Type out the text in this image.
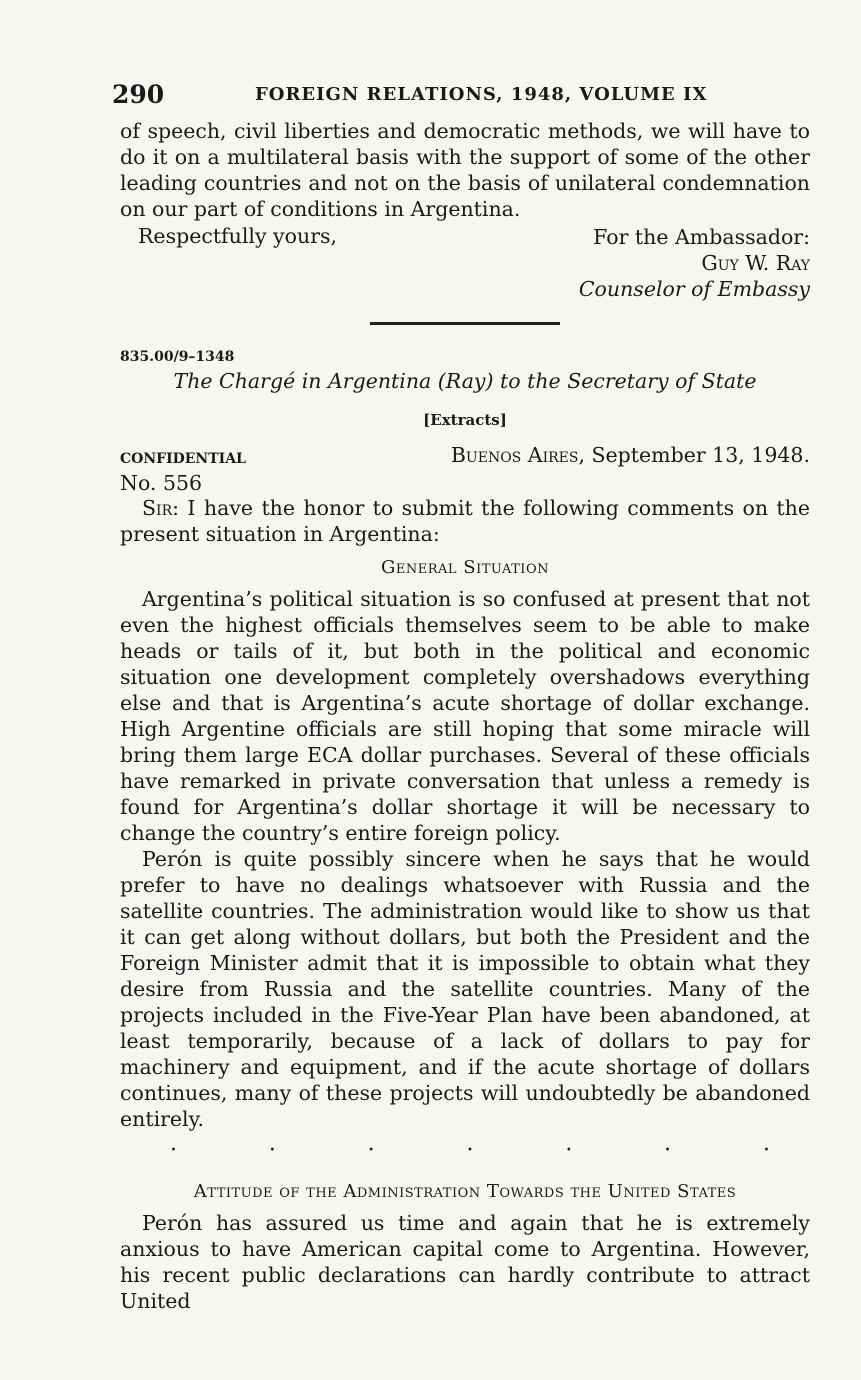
290	FOREIGN RELATIONS, 1948, VOLUME IX

of speech, civil liberties and democratic methods, we will have to do it on a multilateral basis with the support of some of the other leading countries and not on the basis of unilateral condemnation on our part of conditions in Argentina.

Respectfully yours,	For the Ambassador:
Guy W. Ray
Counselor of Embassy
835.00/9–1348
The Chargé in Argentina (Ray) to the Secretary of State
[Extracts]
CONFIDENTIAL	Buenos Aires, September 13, 1948.
No. 556

Sir: I have the honor to submit the following comments on the present situation in Argentina:

General Situation

Argentina’s political situation is so confused at present that not even the highest officials themselves seem to be able to make heads or tails of it, but both in the political and economic situation one development completely overshadows everything else and that is Argentina’s acute shortage of dollar exchange. High Argentine officials are still hoping that some miracle will bring them large ECA dollar purchases. Several of these officials have remarked in private conversation that unless a remedy is found for Argentina’s dollar shortage it will be necessary to change the country’s entire foreign policy.

Perón is quite possibly sincere when he says that he would prefer to have no dealings whatsoever with Russia and the satellite countries. The administration would like to show us that it can get along without dollars, but both the President and the Foreign Minister admit that it is impossible to obtain what they desire from Russia and the satellite countries. Many of the projects included in the Five-Year Plan have been abandoned, at least temporarily, because of a lack of dollars to pay for machinery and equipment, and if the acute shortage of dollars continues, many of these projects will undoubtedly be abandoned entirely.

·	·	·	·	·	·	·
Attitude of the Administration Towards the United States

Perón has assured us time and again that he is extremely anxious to have American capital come to Argentina. However, his recent public declarations can hardly contribute to attract United
